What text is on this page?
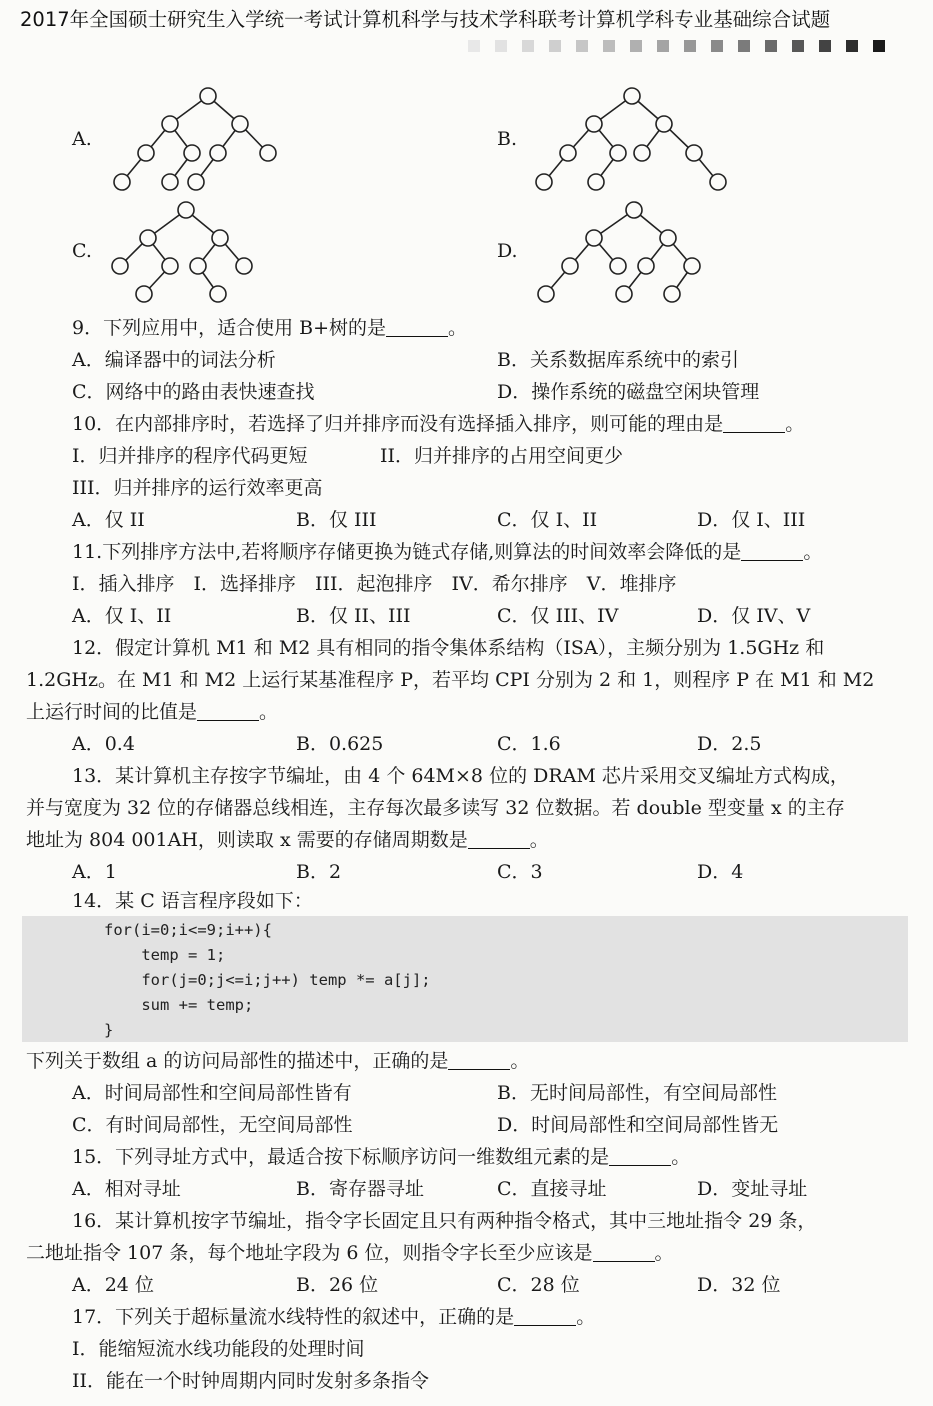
2017年全国硕士研究生入学统一考试计算机科学与技术学科联考计算机学科专业基础综合试题
A.	B.
C.	D.
9．下列应用中，适合使用 B+树的是	。
A．编译器中的词法分析	B．关系数据库系统中的索引
C．网络中的路由表快速查找	D．操作系统的磁盘空闲块管理
10．在内部排序时，若选择了归并排序而没有选择插入排序，则可能的理由是	。
I．归并排序的程序代码更短	II．归并排序的占用空间更少
III．归并排序的运行效率更高
A．仅 II	B．仅 III	C．仅 I、II	D．仅 I、III
11.下列排序方法中,若将顺序存储更换为链式存储,则算法的时间效率会降低的是	。
I．插入排序　I．选择排序　III．起泡排序　IV．希尔排序　V．堆排序
A．仅 I、II	B．仅 II、III	C．仅 III、IV	D．仅 IV、V
12．假定计算机 M1 和 M2 具有相同的指令集体系结构（ISA），主频分别为 1.5GHz 和
1.2GHz。在 M1 和 M2 上运行某基准程序 P，若平均 CPI 分别为 2 和 1，则程序 P 在 M1 和 M2
上运行时间的比值是	。
A．0.4	B．0.625	C．1.6	D．2.5
13．某计算机主存按字节编址，由 4 个 64M×8 位的 DRAM 芯片采用交叉编址方式构成，
并与宽度为 32 位的存储器总线相连，主存每次最多读写 32 位数据。若 double 型变量 x 的主存
地址为 804 001AH，则读取 x 需要的存储周期数是	。
A．1	B．2	C．3	D．4
14．某 C 语言程序段如下：
for(i=0;i<=9;i++){
temp = 1;
for(j=0;j<=i;j++) temp *= a[j];
sum += temp;
}
下列关于数组 a 的访问局部性的描述中，正确的是	。
A．时间局部性和空间局部性皆有	B．无时间局部性，有空间局部性
C．有时间局部性，无空间局部性	D．时间局部性和空间局部性皆无
15．下列寻址方式中，最适合按下标顺序访问一维数组元素的是	。
A．相对寻址	B．寄存器寻址	C．直接寻址	D．变址寻址
16．某计算机按字节编址，指令字长固定且只有两种指令格式，其中三地址指令 29 条，
二地址指令 107 条，每个地址字段为 6 位，则指令字长至少应该是	。
A．24 位	B．26 位	C．28 位	D．32 位
17．下列关于超标量流水线特性的叙述中，正确的是	。
I．能缩短流水线功能段的处理时间
II．能在一个时钟周期内同时发射多条指令
